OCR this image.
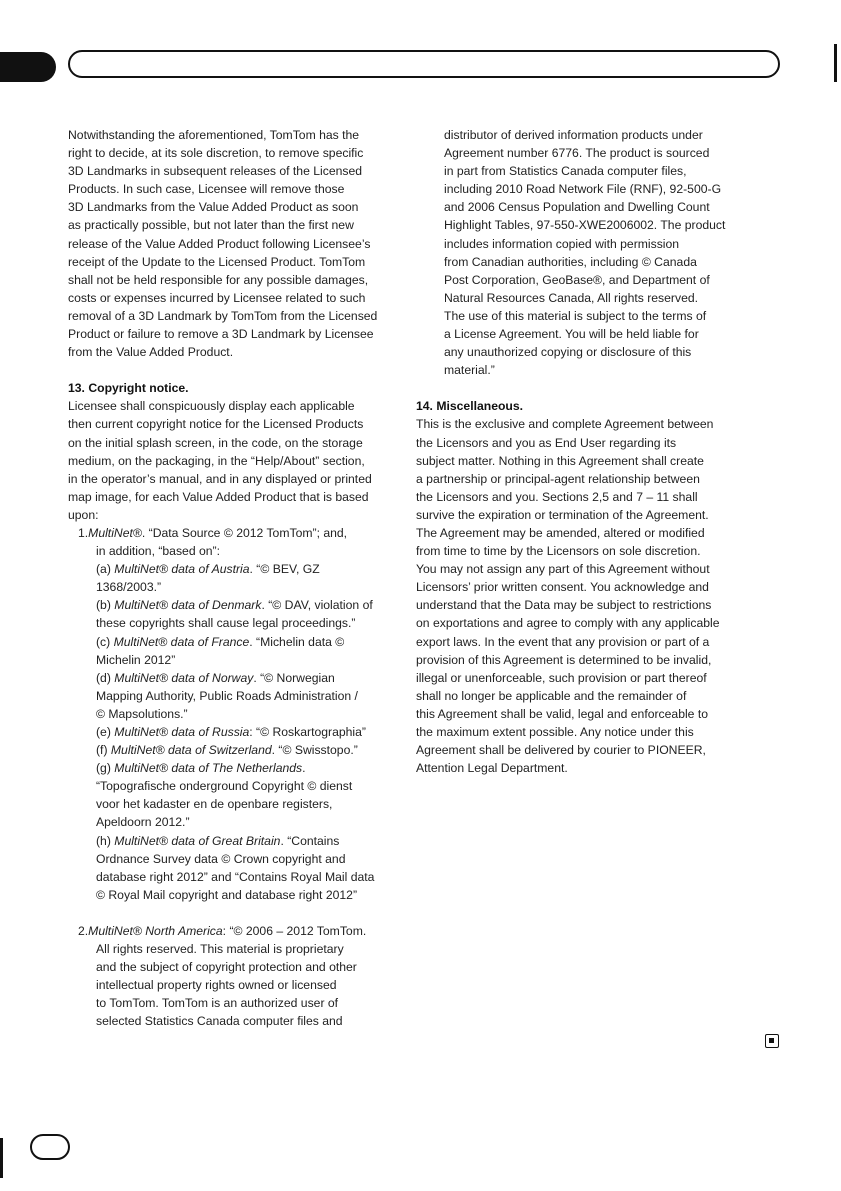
Notwithstanding the aforementioned, TomTom has the
right to decide, at its sole discretion, to remove specific
3D Landmarks in subsequent releases of the Licensed
Products. In such case, Licensee will remove those
3D Landmarks from the Value Added Product as soon
as practically possible, but not later than the first new
release of the Value Added Product following Licensee’s
receipt of the Update to the Licensed Product. TomTom
shall not be held responsible for any possible damages,
costs or expenses incurred by Licensee related to such
removal of a 3D Landmark by TomTom from the Licensed
Product or failure to remove a 3D Landmark by Licensee
from the Value Added Product.
13. Copyright notice.
Licensee shall conspicuously display each applicable
then current copyright notice for the Licensed Products
on the initial splash screen, in the code, on the storage
medium, on the packaging, in the “Help/About” section,
in the operator’s manual, and in any displayed or printed
map image, for each Value Added Product that is based
upon:
1.MultiNet®. “Data Source © 2012 TomTom”; and,
in addition, “based on”:
(a) MultiNet® data of Austria. “© BEV, GZ
1368/2003.”
(b) MultiNet® data of Denmark. “© DAV, violation of
these copyrights shall cause legal proceedings.”
(c) MultiNet® data of France. “Michelin data ©
Michelin 2012”
(d) MultiNet® data of Norway. “© Norwegian
Mapping Authority, Public Roads Administration /
© Mapsolutions.”
(e) MultiNet® data of Russia: “© Roskartographia”
(f) MultiNet® data of Switzerland. “© Swisstopo.”
(g) MultiNet® data of The Netherlands.
“Topografische onderground Copyright © dienst
voor het kadaster en de openbare registers,
Apeldoorn 2012.”
(h) MultiNet® data of Great Britain. “Contains
Ordnance Survey data © Crown copyright and
database right 2012” and “Contains Royal Mail data
© Royal Mail copyright and database right 2012”
2.MultiNet® North America: “© 2006 – 2012 TomTom.
All rights reserved. This material is proprietary
and the subject of copyright protection and other
intellectual property rights owned or licensed
to TomTom. TomTom is an authorized user of
selected Statistics Canada computer files and
distributor of derived information products under
Agreement number 6776. The product is sourced
in part from Statistics Canada computer files,
including 2010 Road Network File (RNF), 92-500-G
and 2006 Census Population and Dwelling Count
Highlight Tables, 97-550-XWE2006002. The product
includes information copied with permission
from Canadian authorities, including © Canada
Post Corporation, GeoBase®, and Department of
Natural Resources Canada, All rights reserved.
The use of this material is subject to the terms of
a License Agreement. You will be held liable for
any unauthorized copying or disclosure of this
material.”
14. Miscellaneous.
This is the exclusive and complete Agreement between
the Licensors and you as End User regarding its
subject matter. Nothing in this Agreement shall create
a partnership or principal-agent relationship between
the Licensors and you. Sections 2,5 and 7 – 11 shall
survive the expiration or termination of the Agreement.
The Agreement may be amended, altered or modified
from time to time by the Licensors on sole discretion.
You may not assign any part of this Agreement without
Licensors’ prior written consent. You acknowledge and
understand that the Data may be subject to restrictions
on exportations and agree to comply with any applicable
export laws. In the event that any provision or part of a
provision of this Agreement is determined to be invalid,
illegal or unenforceable, such provision or part thereof
shall no longer be applicable and the remainder of
this Agreement shall be valid, legal and enforceable to
the maximum extent possible. Any notice under this
Agreement shall be delivered by courier to PIONEER,
Attention Legal Department.
